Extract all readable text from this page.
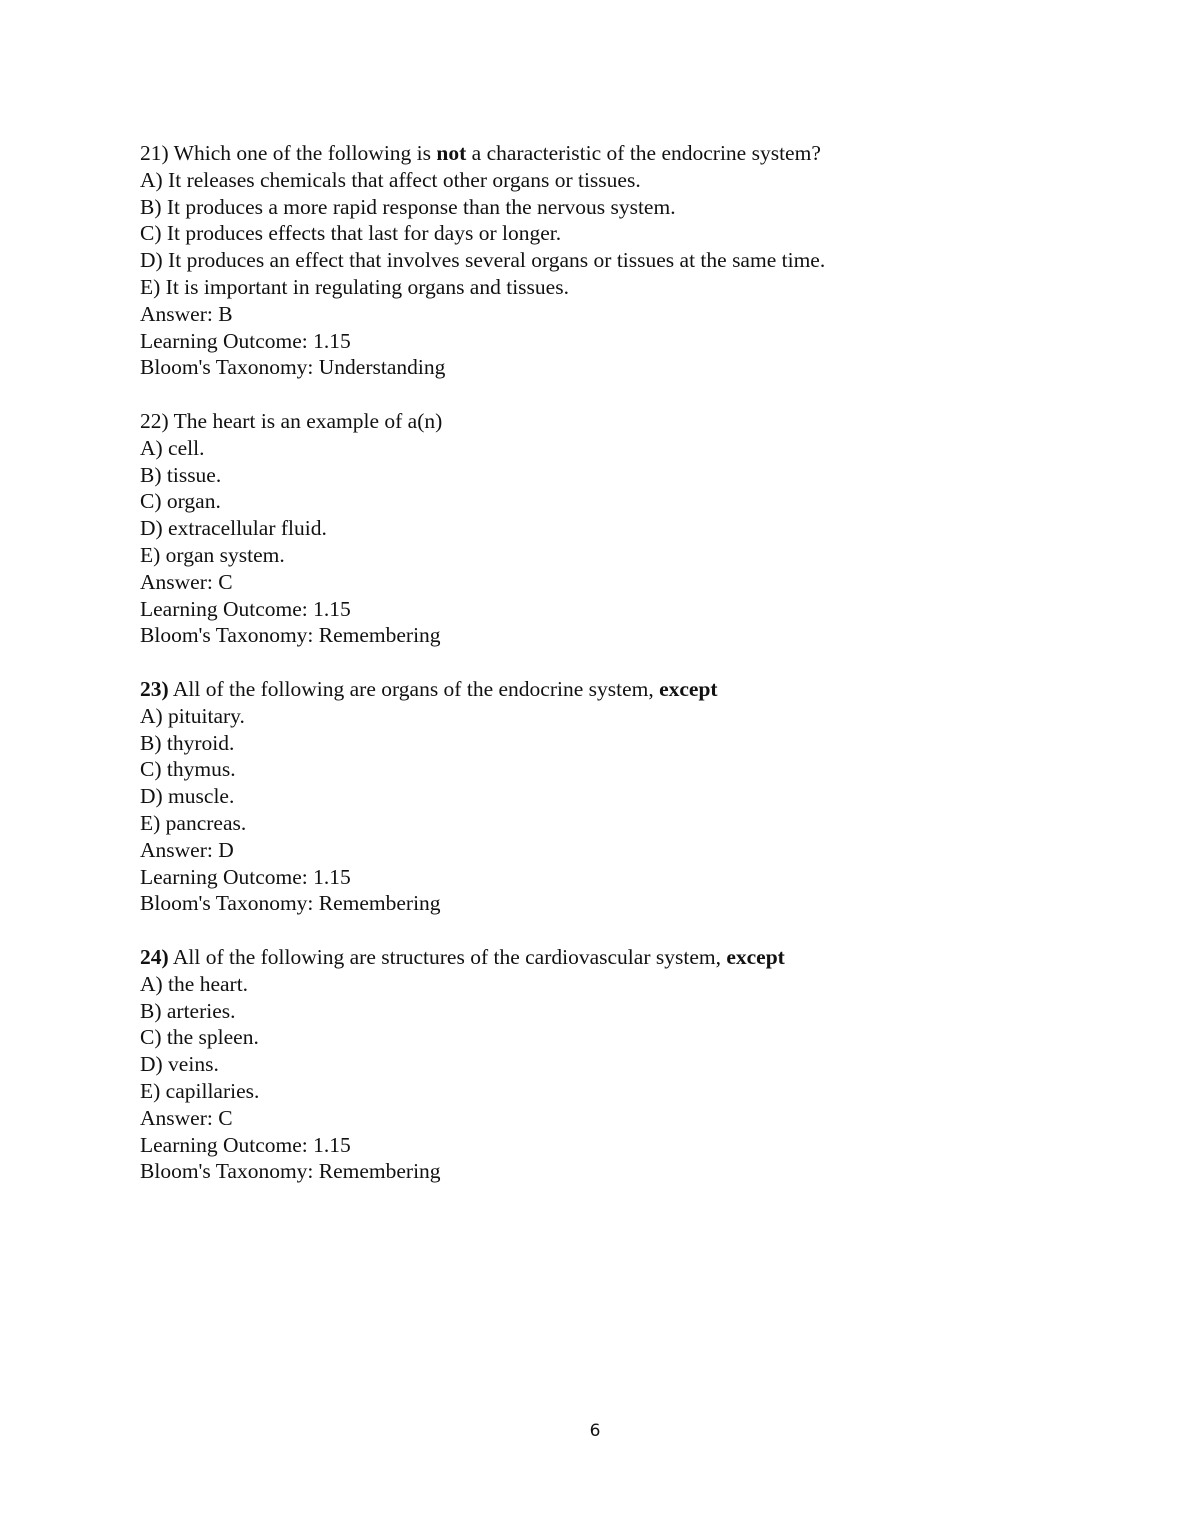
21) Which one of the following is not a characteristic of the endocrine system?
A) It releases chemicals that affect other organs or tissues.
B) It produces a more rapid response than the nervous system.
C) It produces effects that last for days or longer.
D) It produces an effect that involves several organs or tissues at the same time.
E) It is important in regulating organs and tissues.
Answer: B
Learning Outcome: 1.15
Bloom's Taxonomy: Understanding
22) The heart is an example of a(n)
A) cell.
B) tissue.
C) organ.
D) extracellular fluid.
E) organ system.
Answer: C
Learning Outcome: 1.15
Bloom's Taxonomy: Remembering
23) All of the following are organs of the endocrine system, except
A) pituitary.
B) thyroid.
C) thymus.
D) muscle.
E) pancreas.
Answer: D
Learning Outcome: 1.15
Bloom's Taxonomy: Remembering
24) All of the following are structures of the cardiovascular system, except
A) the heart.
B) arteries.
C) the spleen.
D) veins.
E) capillaries.
Answer: C
Learning Outcome: 1.15
Bloom's Taxonomy: Remembering
6
